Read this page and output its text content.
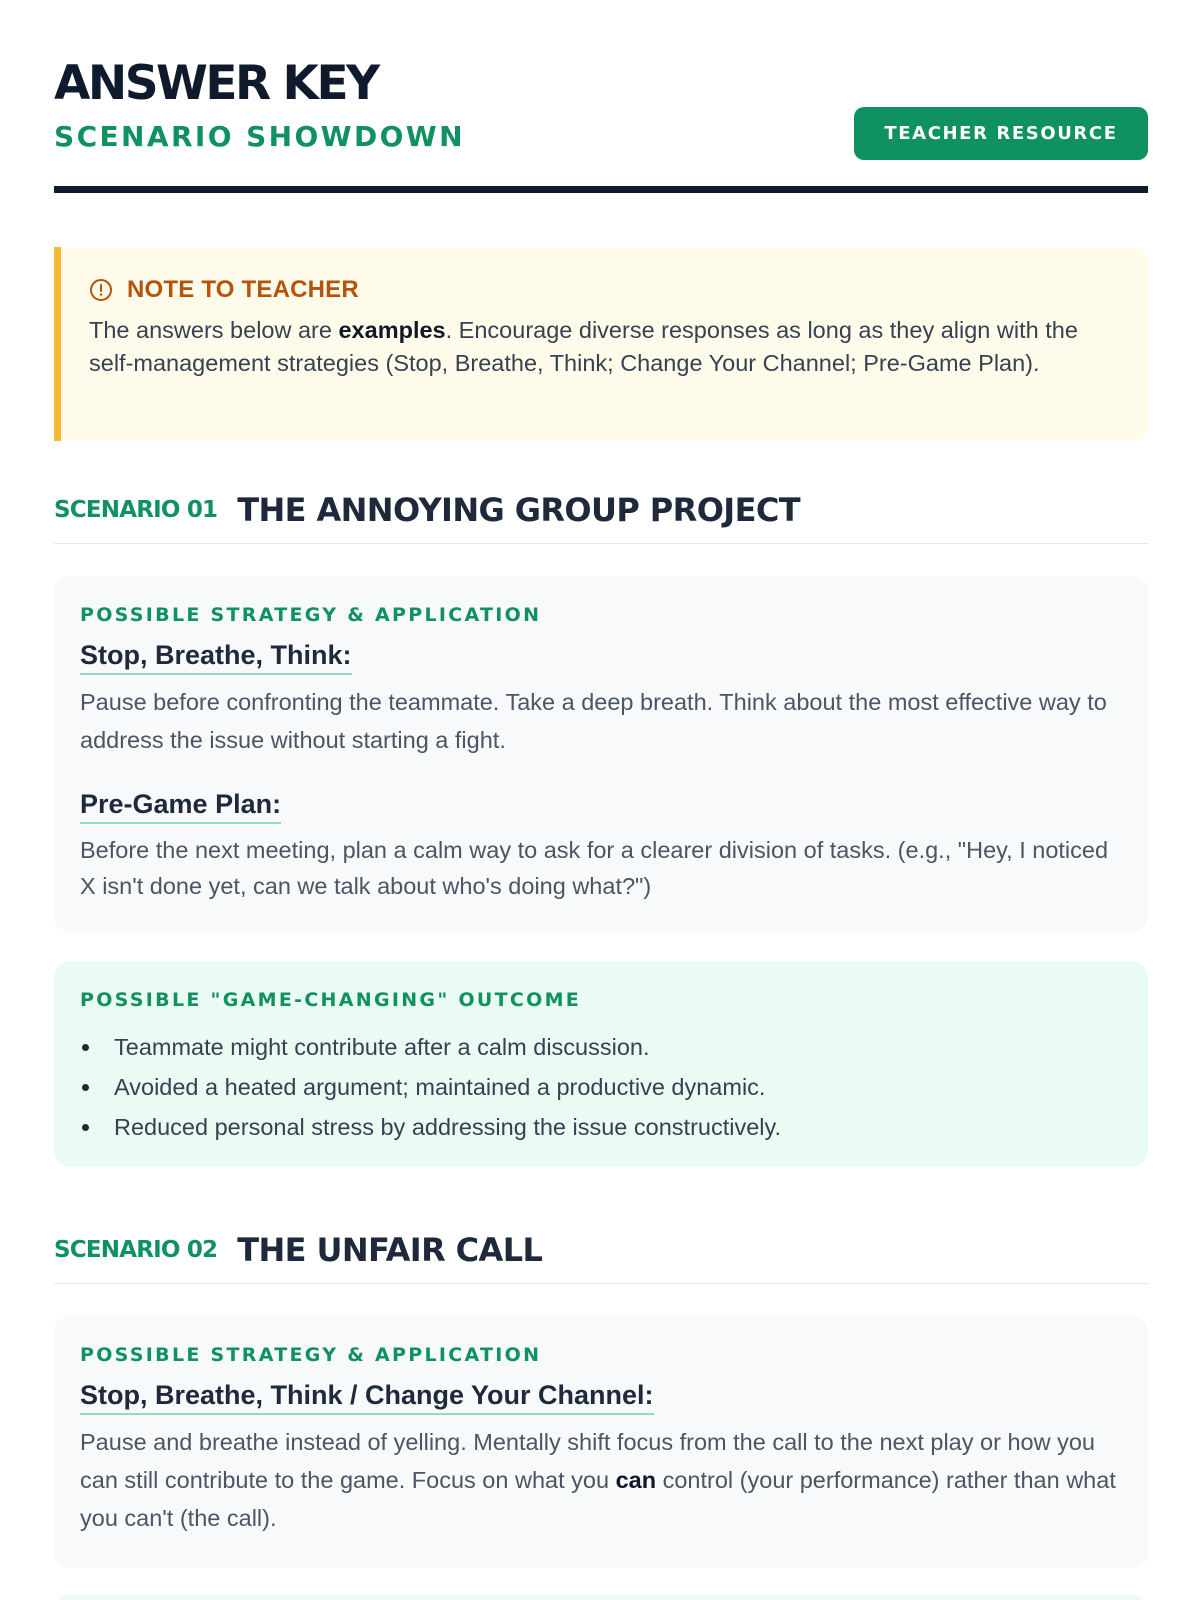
ANSWER KEY
SCENARIO SHOWDOWN	TEACHER RESOURCE
NOTE TO TEACHER

The answers below are examples. Encourage diverse responses as long as they align with the self-management strategies (Stop, Breathe, Think; Change Your Channel; Pre-Game Plan).

SCENARIO 01 THE ANNOYING GROUP PROJECT
POSSIBLE STRATEGY & APPLICATION
Stop, Breathe, Think:

Pause before confronting the teammate. Take a deep breath. Think about the most effective way to address the issue without starting a fight.

Pre-Game Plan:

Before the next meeting, plan a calm way to ask for a clearer division of tasks. (e.g., "Hey, I noticed X isn't done yet, can we talk about who's doing what?")

POSSIBLE "GAME-CHANGING" OUTCOME
Teammate might contribute after a calm discussion.
Avoided a heated argument; maintained a productive dynamic.
Reduced personal stress by addressing the issue constructively.
SCENARIO 02 THE UNFAIR CALL
POSSIBLE STRATEGY & APPLICATION
Stop, Breathe, Think / Change Your Channel:

Pause and breathe instead of yelling. Mentally shift focus from the call to the next play or how you can still contribute to the game. Focus on what you can control (your performance) rather than what you can't (the call).
